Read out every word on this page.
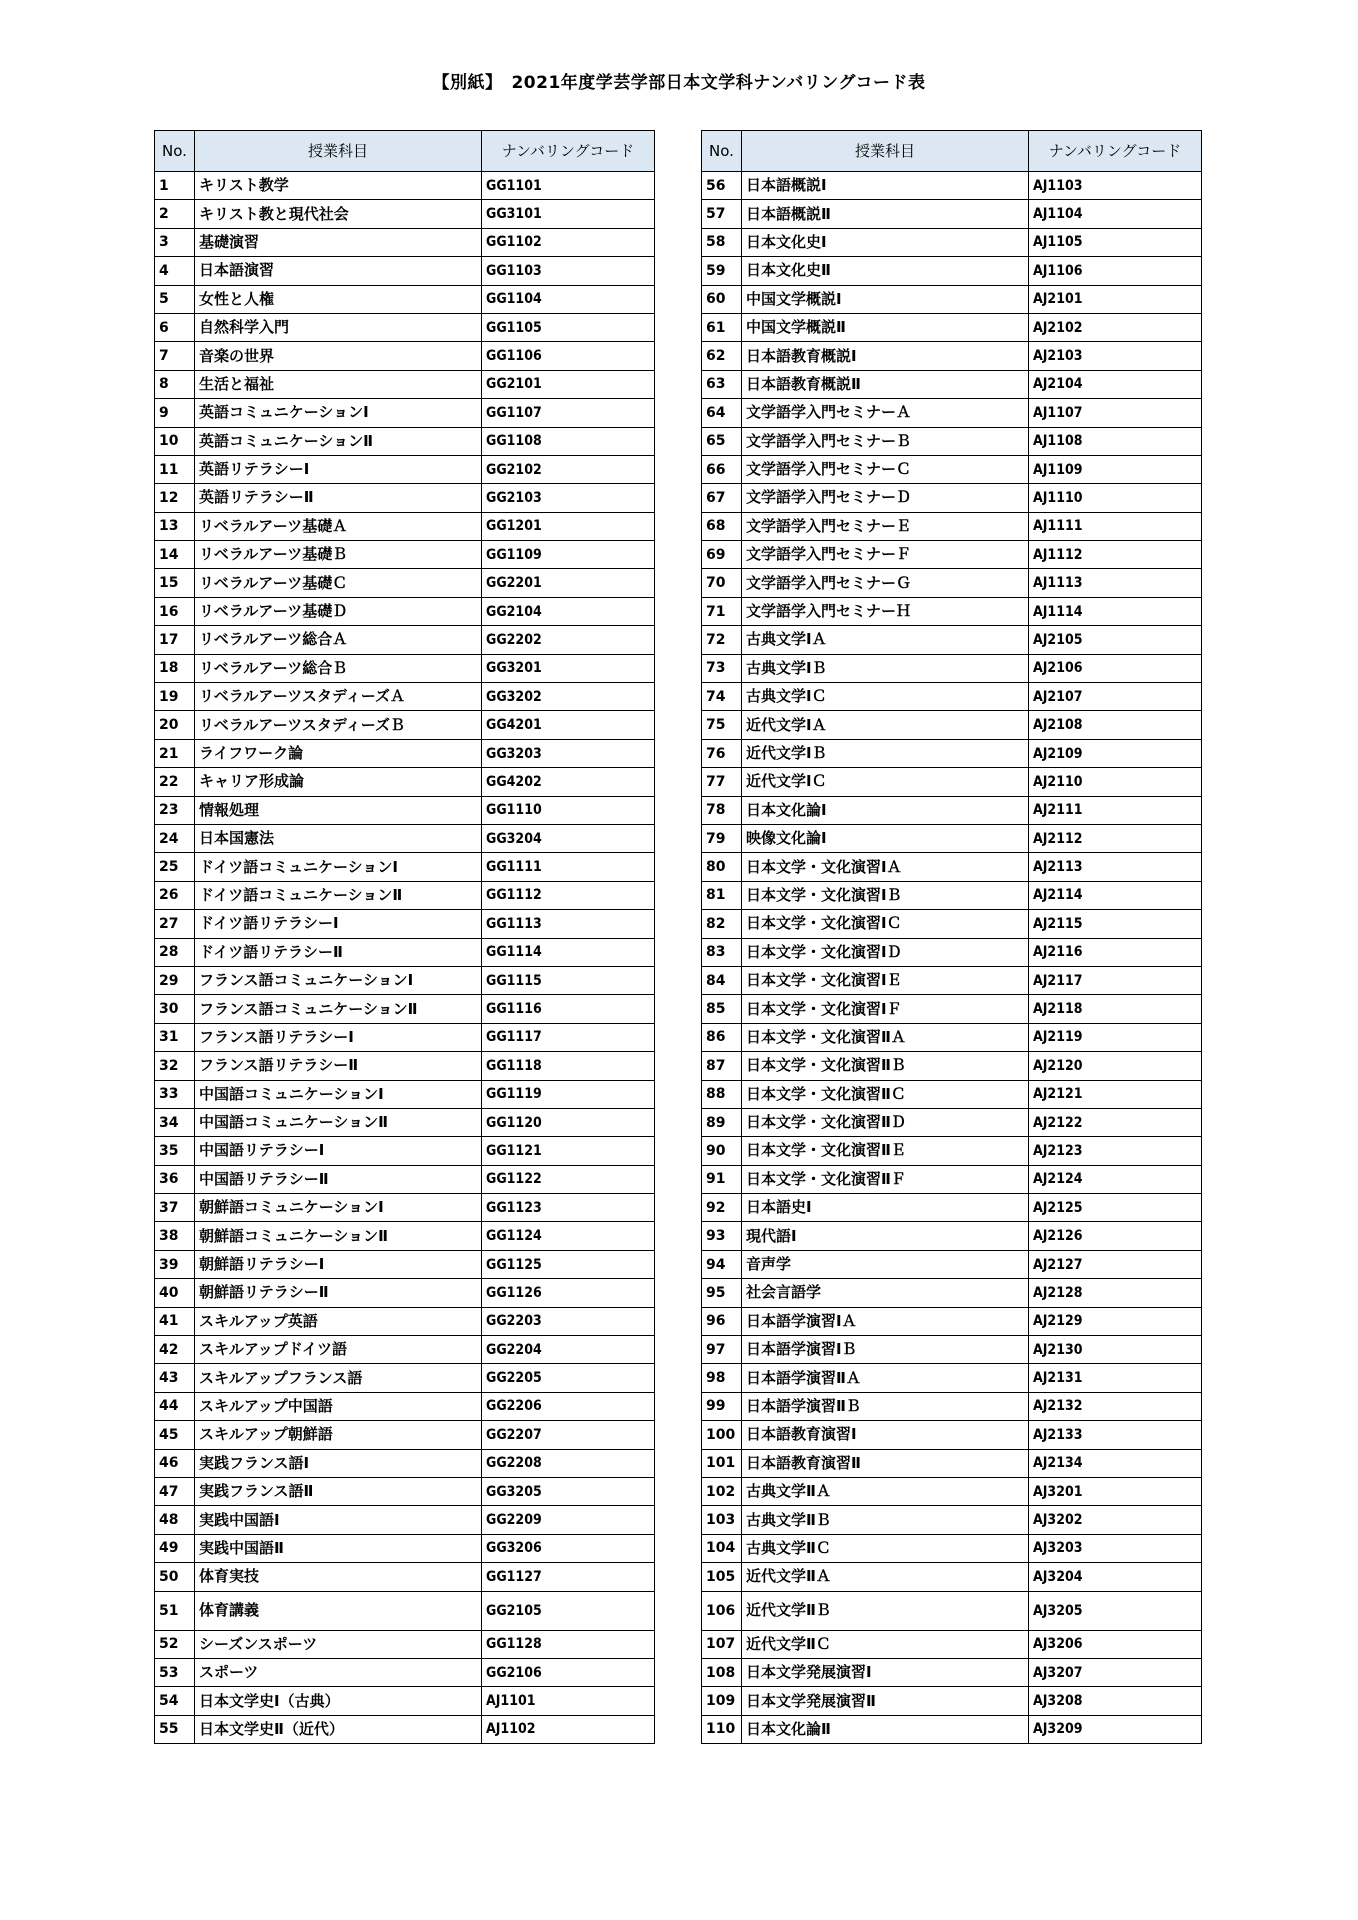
【別紙】　2021年度学芸学部日本文学科ナンバリングコード表
No.	授業科目	ナンバリングコード
1	キリスト教学	GG1101
2	キリスト教と現代社会	GG3101
3	基礎演習	GG1102
4	日本語演習	GG1103
5	女性と人権	GG1104
6	自然科学入門	GG1105
7	音楽の世界	GG1106
8	生活と福祉	GG2101
9	英語コミュニケーションⅠ	GG1107
10	英語コミュニケーションⅡ	GG1108
11	英語リテラシーⅠ	GG2102
12	英語リテラシーⅡ	GG2103
13	リベラルアーツ基礎Ａ	GG1201
14	リベラルアーツ基礎Ｂ	GG1109
15	リベラルアーツ基礎Ｃ	GG2201
16	リベラルアーツ基礎Ｄ	GG2104
17	リベラルアーツ総合Ａ	GG2202
18	リベラルアーツ総合Ｂ	GG3201
19	リベラルアーツスタディーズＡ	GG3202
20	リベラルアーツスタディーズＢ	GG4201
21	ライフワーク論	GG3203
22	キャリア形成論	GG4202
23	情報処理	GG1110
24	日本国憲法	GG3204
25	ドイツ語コミュニケーションⅠ	GG1111
26	ドイツ語コミュニケーションⅡ	GG1112
27	ドイツ語リテラシーⅠ	GG1113
28	ドイツ語リテラシーⅡ	GG1114
29	フランス語コミュニケーションⅠ	GG1115
30	フランス語コミュニケーションⅡ	GG1116
31	フランス語リテラシーⅠ	GG1117
32	フランス語リテラシーⅡ	GG1118
33	中国語コミュニケーションⅠ	GG1119
34	中国語コミュニケーションⅡ	GG1120
35	中国語リテラシーⅠ	GG1121
36	中国語リテラシーⅡ	GG1122
37	朝鮮語コミュニケーションⅠ	GG1123
38	朝鮮語コミュニケーションⅡ	GG1124
39	朝鮮語リテラシーⅠ	GG1125
40	朝鮮語リテラシーⅡ	GG1126
41	スキルアップ英語	GG2203
42	スキルアップドイツ語	GG2204
43	スキルアップフランス語	GG2205
44	スキルアップ中国語	GG2206
45	スキルアップ朝鮮語	GG2207
46	実践フランス語Ⅰ	GG2208
47	実践フランス語Ⅱ	GG3205
48	実践中国語Ⅰ	GG2209
49	実践中国語Ⅱ	GG3206
50	体育実技	GG1127
51	体育講義	GG2105
52	シーズンスポーツ	GG1128
53	スポーツ	GG2106
54	日本文学史Ⅰ（古典）	AJ1101
55	日本文学史Ⅱ（近代）	AJ1102
No.	授業科目	ナンバリングコード
56	日本語概説Ⅰ	AJ1103
57	日本語概説Ⅱ	AJ1104
58	日本文化史Ⅰ	AJ1105
59	日本文化史Ⅱ	AJ1106
60	中国文学概説Ⅰ	AJ2101
61	中国文学概説Ⅱ	AJ2102
62	日本語教育概説Ⅰ	AJ2103
63	日本語教育概説Ⅱ	AJ2104
64	文学語学入門セミナーＡ	AJ1107
65	文学語学入門セミナーＢ	AJ1108
66	文学語学入門セミナーＣ	AJ1109
67	文学語学入門セミナーＤ	AJ1110
68	文学語学入門セミナーＥ	AJ1111
69	文学語学入門セミナーＦ	AJ1112
70	文学語学入門セミナーＧ	AJ1113
71	文学語学入門セミナーＨ	AJ1114
72	古典文学ⅠＡ	AJ2105
73	古典文学ⅠＢ	AJ2106
74	古典文学ⅠＣ	AJ2107
75	近代文学ⅠＡ	AJ2108
76	近代文学ⅠＢ	AJ2109
77	近代文学ⅠＣ	AJ2110
78	日本文化論Ⅰ	AJ2111
79	映像文化論Ⅰ	AJ2112
80	日本文学・文化演習ⅠＡ	AJ2113
81	日本文学・文化演習ⅠＢ	AJ2114
82	日本文学・文化演習ⅠＣ	AJ2115
83	日本文学・文化演習ⅠＤ	AJ2116
84	日本文学・文化演習ⅠＥ	AJ2117
85	日本文学・文化演習ⅠＦ	AJ2118
86	日本文学・文化演習ⅡＡ	AJ2119
87	日本文学・文化演習ⅡＢ	AJ2120
88	日本文学・文化演習ⅡＣ	AJ2121
89	日本文学・文化演習ⅡＤ	AJ2122
90	日本文学・文化演習ⅡＥ	AJ2123
91	日本文学・文化演習ⅡＦ	AJ2124
92	日本語史Ⅰ	AJ2125
93	現代語Ⅰ	AJ2126
94	音声学	AJ2127
95	社会言語学	AJ2128
96	日本語学演習ⅠＡ	AJ2129
97	日本語学演習ⅠＢ	AJ2130
98	日本語学演習ⅡＡ	AJ2131
99	日本語学演習ⅡＢ	AJ2132
100	日本語教育演習Ⅰ	AJ2133
101	日本語教育演習Ⅱ	AJ2134
102	古典文学ⅡＡ	AJ3201
103	古典文学ⅡＢ	AJ3202
104	古典文学ⅡＣ	AJ3203
105	近代文学ⅡＡ	AJ3204
106	近代文学ⅡＢ	AJ3205
107	近代文学ⅡＣ	AJ3206
108	日本文学発展演習Ⅰ	AJ3207
109	日本文学発展演習Ⅱ	AJ3208
110	日本文化論Ⅱ	AJ3209
